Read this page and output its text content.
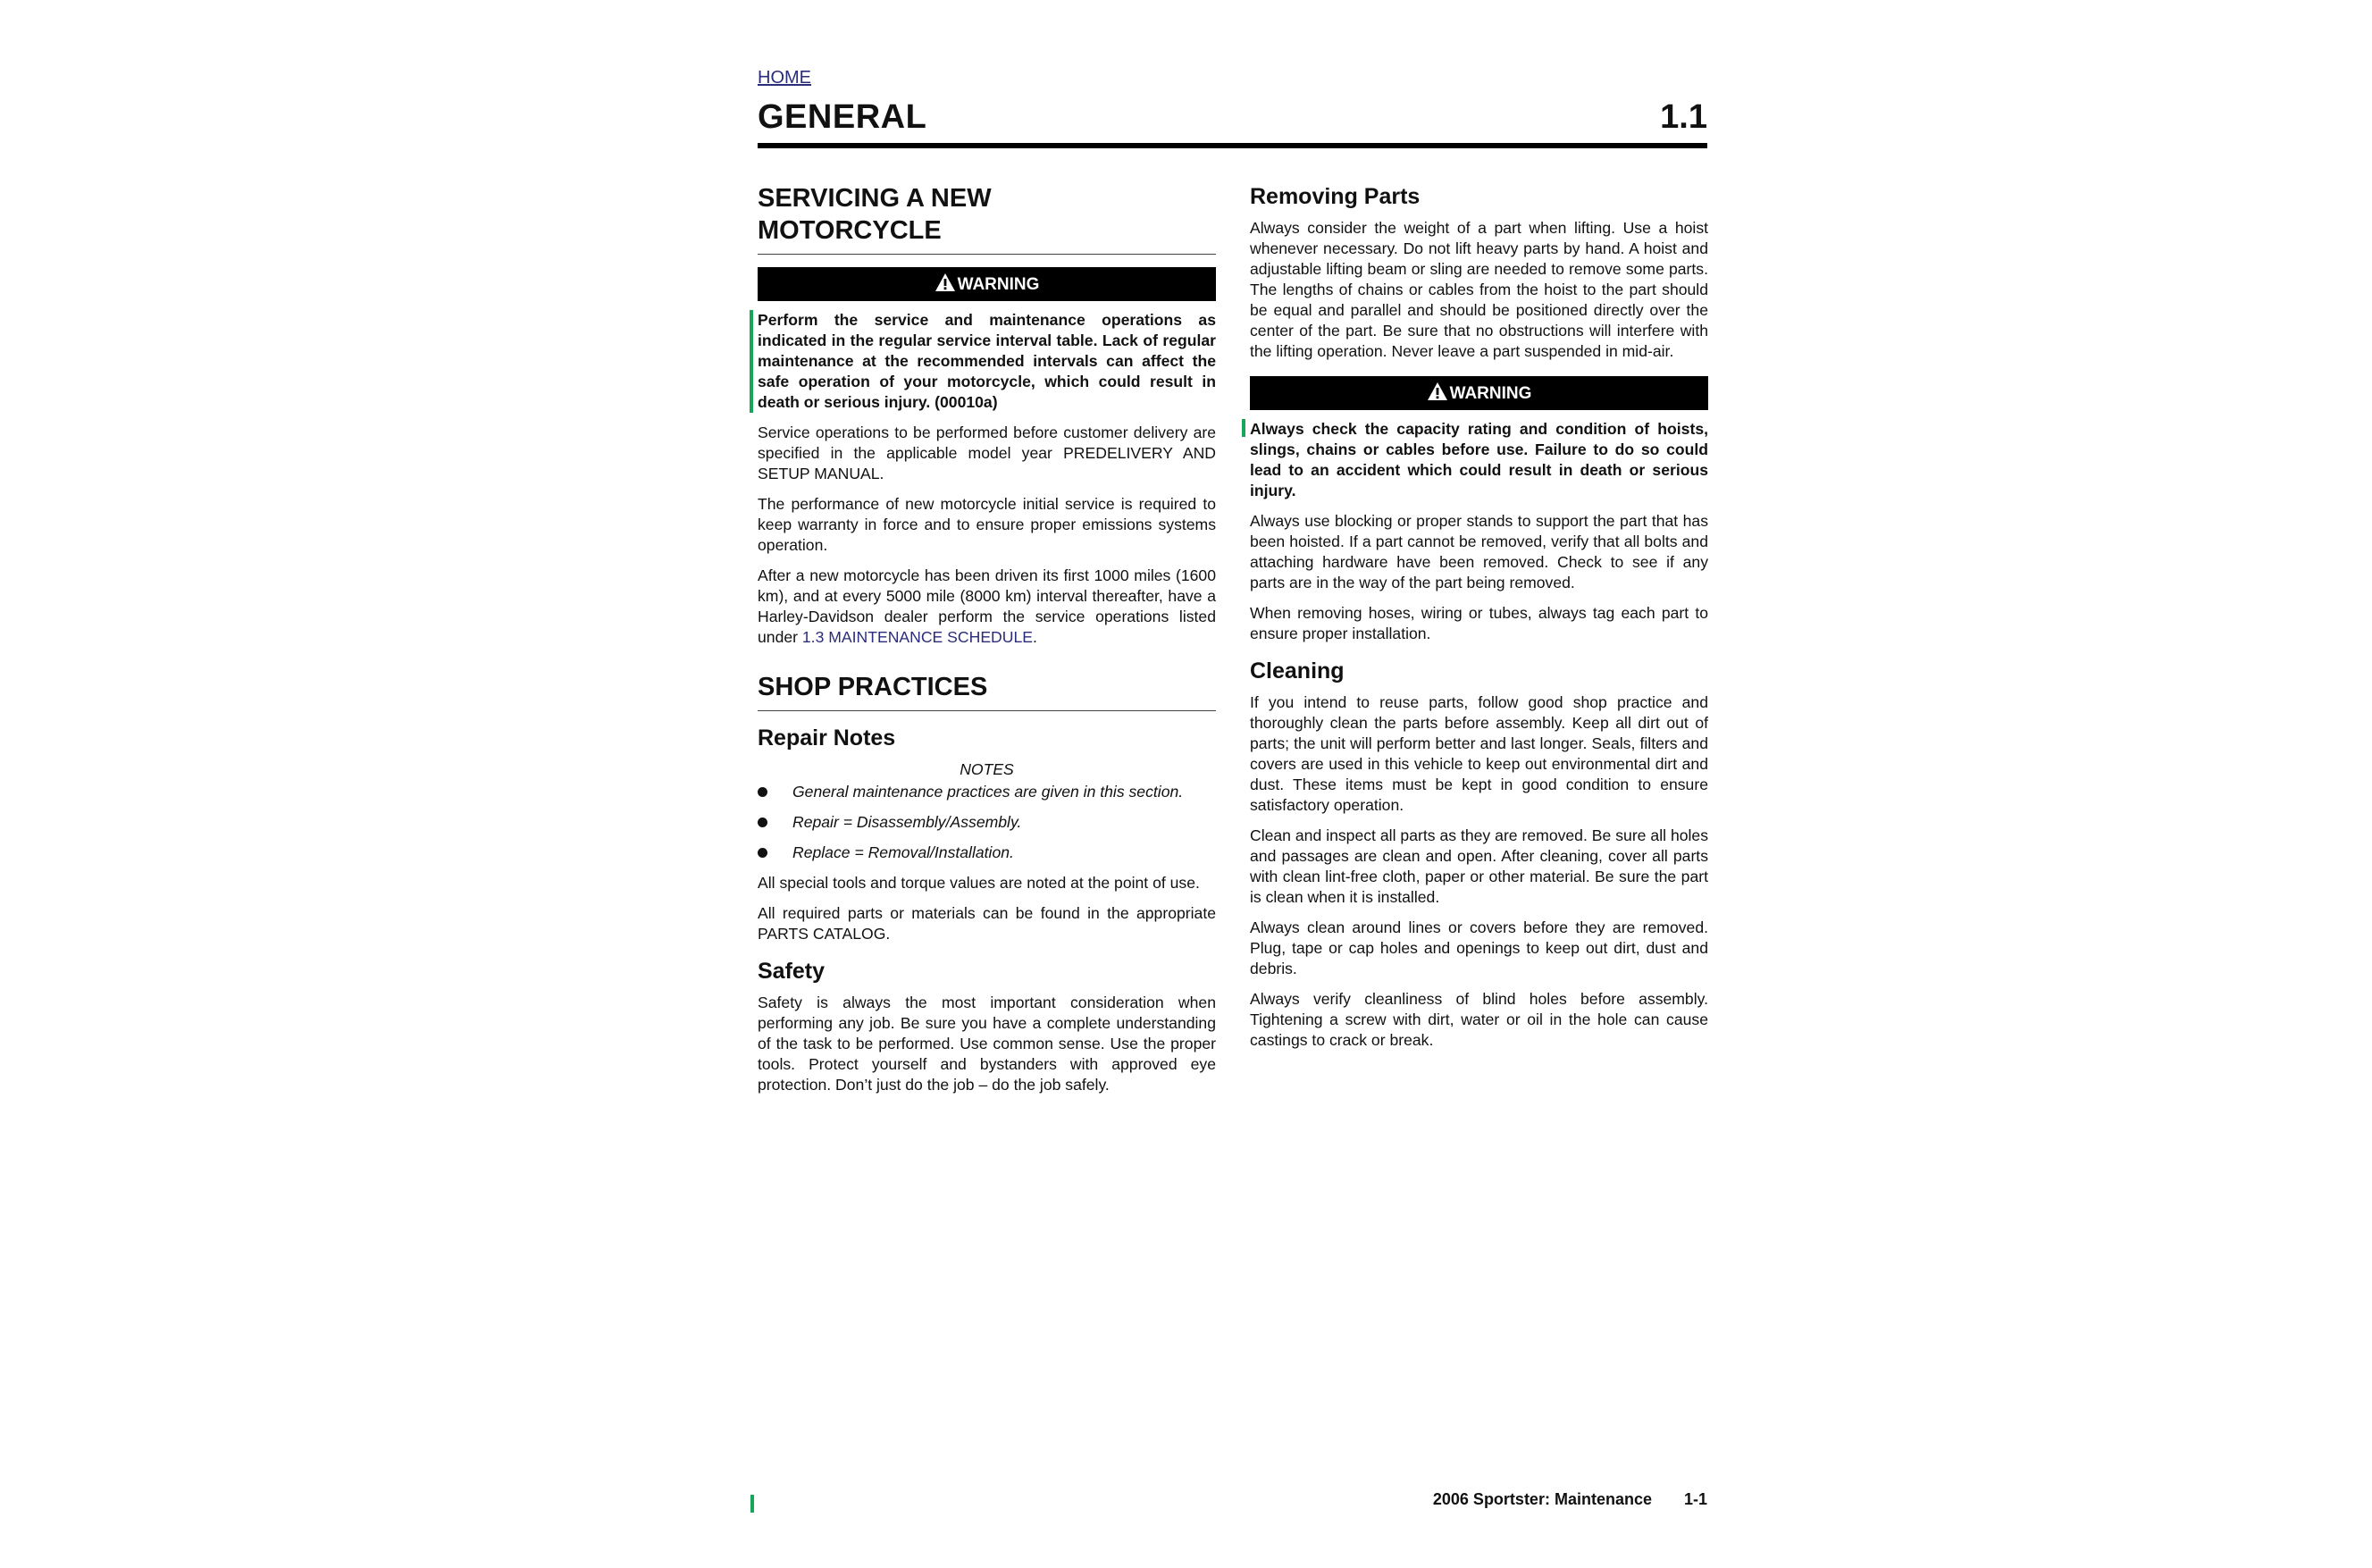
HOME
GENERAL	1.1
SERVICING A NEW MOTORCYCLE
WARNING
Perform the service and maintenance operations as indicated in the regular service interval table. Lack of regular maintenance at the recommended intervals can affect the safe operation of your motorcycle, which could result in death or serious injury. (00010a)

Service operations to be performed before customer delivery are specified in the applicable model year PREDELIVERY AND SETUP MANUAL.

The performance of new motorcycle initial service is required to keep warranty in force and to ensure proper emissions systems operation.

After a new motorcycle has been driven its first 1000 miles (1600 km), and at every 5000 mile (8000 km) interval thereafter, have a Harley-Davidson dealer perform the service operations listed under 1.3 MAINTENANCE SCHEDULE.

SHOP PRACTICES
Repair Notes
NOTES
General maintenance practices are given in this section.
Repair = Disassembly/Assembly.
Replace = Removal/Installation.

All special tools and torque values are noted at the point of use.

All required parts or materials can be found in the appropriate PARTS CATALOG.

Safety

Safety is always the most important consideration when performing any job. Be sure you have a complete understanding of the task to be performed. Use common sense. Use the proper tools. Protect yourself and bystanders with approved eye protection. Don’t just do the job – do the job safely.

Removing Parts

Always consider the weight of a part when lifting. Use a hoist whenever necessary. Do not lift heavy parts by hand. A hoist and adjustable lifting beam or sling are needed to remove some parts. The lengths of chains or cables from the hoist to the part should be equal and parallel and should be positioned directly over the center of the part. Be sure that no obstructions will interfere with the lifting operation. Never leave a part suspended in mid-air.

WARNING
Always check the capacity rating and condition of hoists, slings, chains or cables before use. Failure to do so could lead to an accident which could result in death or serious injury.

Always use blocking or proper stands to support the part that has been hoisted. If a part cannot be removed, verify that all bolts and attaching hardware have been removed. Check to see if any parts are in the way of the part being removed.

When removing hoses, wiring or tubes, always tag each part to ensure proper installation.

Cleaning

If you intend to reuse parts, follow good shop practice and thoroughly clean the parts before assembly. Keep all dirt out of parts; the unit will perform better and last longer. Seals, filters and covers are used in this vehicle to keep out environmental dirt and dust. These items must be kept in good condition to ensure satisfactory operation.

Clean and inspect all parts as they are removed. Be sure all holes and passages are clean and open. After cleaning, cover all parts with clean lint-free cloth, paper or other material. Be sure the part is clean when it is installed.

Always clean around lines or covers before they are removed. Plug, tape or cap holes and openings to keep out dirt, dust and debris.

Always verify cleanliness of blind holes before assembly. Tightening a screw with dirt, water or oil in the hole can cause castings to crack or break.

2006 Sportster: Maintenance 1-1
